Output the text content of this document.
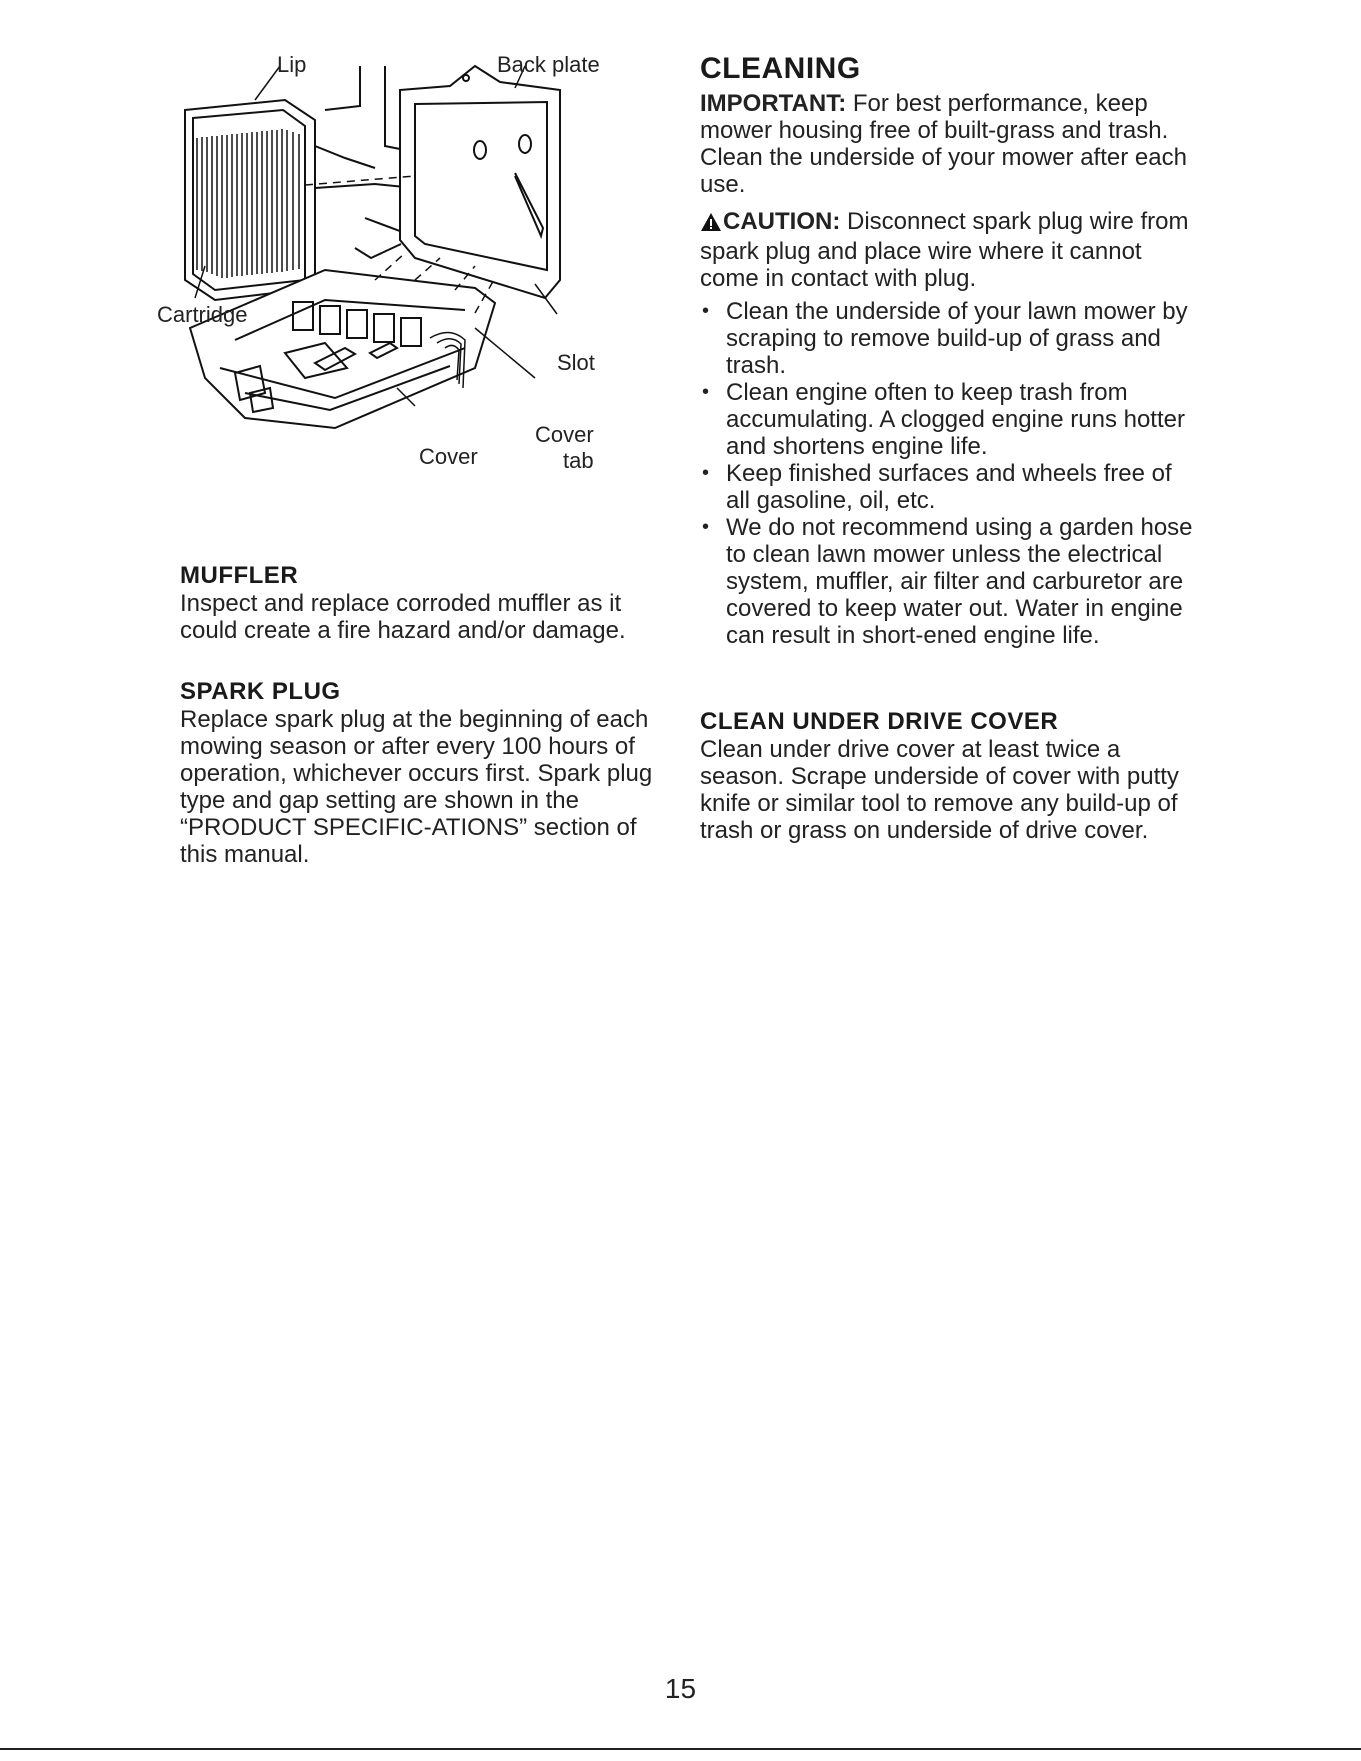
Lip	Back plate
Cartridge
Slot
Cover
Cover
tab
MUFFLER

Inspect and replace corroded muffler as it could create a fire hazard and/or damage.

SPARK PLUG

Replace spark plug at the beginning of each mowing season or after every 100 hours of operation, whichever occurs first. Spark plug type and gap setting are shown in the “PRODUCT SPECIFIC-ATIONS” section of this manual.

CLEANING

IMPORTANT: For best performance, keep mower housing free of built-grass and trash. Clean the underside of your mower after each use.

CAUTION: Disconnect spark plug wire from spark plug and place wire where it cannot come in contact with plug.

• Clean the underside of your lawn mower by scraping to remove build-up of grass and trash.
• Clean engine often to keep trash from accumulating. A clogged engine runs hotter and shortens engine life.
• Keep finished surfaces and wheels free of all gasoline, oil, etc.
• We do not recommend using a garden hose to clean lawn mower unless the electrical system, muffler, air filter and carburetor are covered to keep water out. Water in engine can result in short-ened engine life.
CLEAN UNDER DRIVE COVER

Clean under drive cover at least twice a season. Scrape underside of cover with putty knife or similar tool to remove any build-up of trash or grass on underside of drive cover.

15
